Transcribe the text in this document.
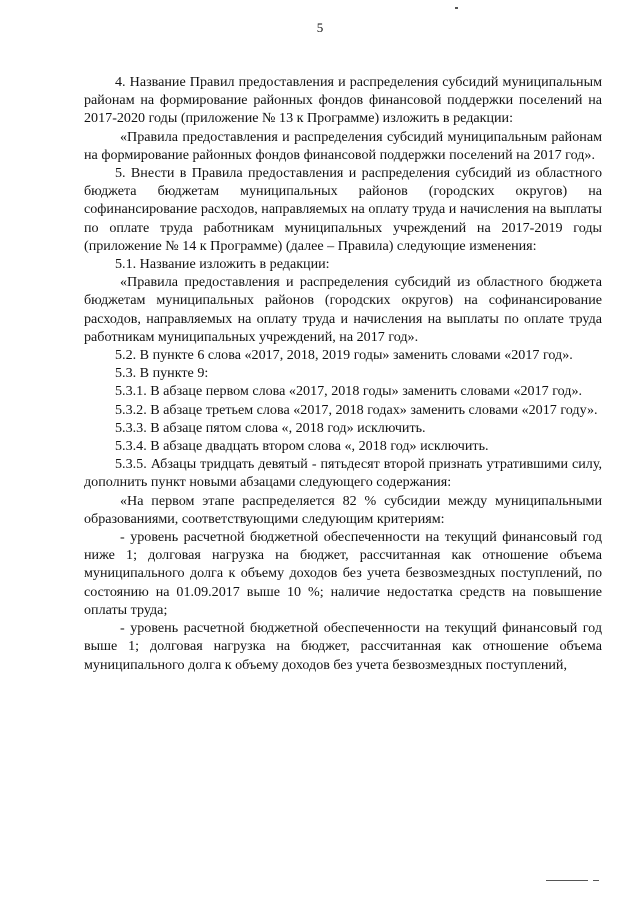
5

4. Название Правил предоставления и распределения субсидий муниципальным районам на формирование районных фондов финансовой поддержки поселений на 2017-2020 годы (приложение № 13 к Программе) изложить в редакции:

«Правила предоставления и распределения субсидий муниципальным районам на формирование районных фондов финансовой поддержки поселений на 2017 год».

5. Внести в Правила предоставления и распределения субсидий из областного бюджета бюджетам муниципальных районов (городских округов) на софинансирование расходов, направляемых на оплату труда и начисления на выплаты по оплате труда работникам муниципальных учреждений на 2017-2019 годы (приложение № 14 к Программе) (далее – Правила) следующие изменения:

5.1. Название изложить в редакции:

«Правила предоставления и распределения субсидий из областного бюджета бюджетам муниципальных районов (городских округов) на софинансирование расходов, направляемых на оплату труда и начисления на выплаты по оплате труда работникам муниципальных учреждений, на 2017 год».

5.2. В пункте 6 слова «2017, 2018, 2019 годы» заменить словами «2017 год».

5.3. В пункте 9:

5.3.1. В абзаце первом слова «2017, 2018 годы» заменить словами «2017 год».

5.3.2. В абзаце третьем слова «2017, 2018 годах» заменить словами «2017 году».

5.3.3. В абзаце пятом слова «, 2018 год» исключить.

5.3.4. В абзаце двадцать втором слова «, 2018 год» исключить.

5.3.5. Абзацы тридцать девятый - пятьдесят второй признать утратившими силу, дополнить пункт новыми абзацами следующего содержания:

«На первом этапе распределяется 82 % субсидии между муниципальными образованиями, соответствующими следующим критериям:

- уровень расчетной бюджетной обеспеченности на текущий финансовый год ниже 1; долговая нагрузка на бюджет, рассчитанная как отношение объема муниципального долга к объему доходов без учета безвозмездных поступлений, по состоянию на 01.09.2017 выше 10 %; наличие недостатка средств на повышение оплаты труда;

- уровень расчетной бюджетной обеспеченности на текущий финансовый год выше 1; долговая нагрузка на бюджет, рассчитанная как отношение объема муниципального долга к объему доходов без учета безвозмездных поступлений,
